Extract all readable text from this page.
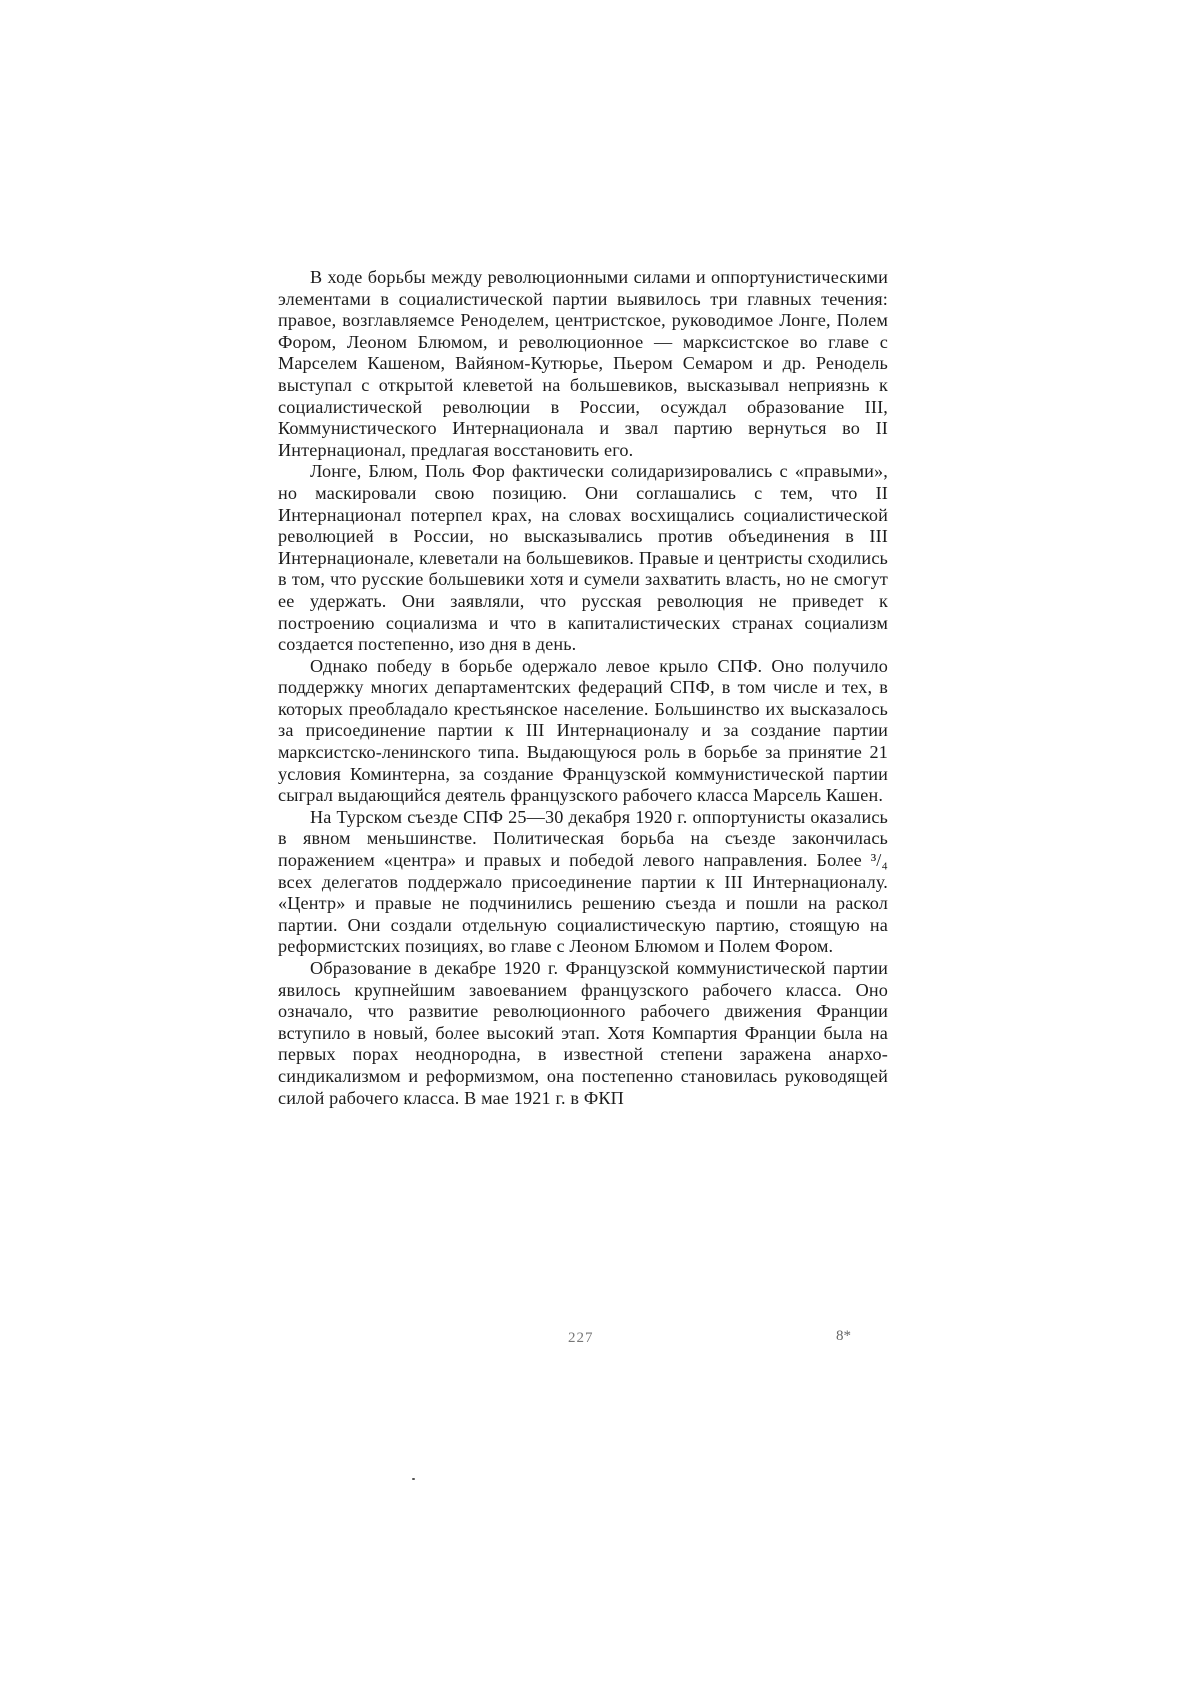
В ходе борьбы между революционными силами и оппортунистическими элементами в социалистической партии выявилось три главных течения: правое, возглавляемсе Ренoделем, центристское, руководимое Лонге, Полем Фором, Леоном Блюмом, и революционное — марксистское во главе с Марселем Кашеном, Вайяном-Кутюрье, Пьером Семаром и др. Ренодель выступал с открытой клеветой на большевиков, высказывал неприязнь к социалистической революции в России, осуждал образование III, Коммунистического Интернационала и звал партию вернуться во II Интернационал, предлагая восстановить его.

Лонге, Блюм, Поль Фор фактически солидаризировались с «правыми», но маскировали свою позицию. Они соглашались с тем, что II Интернационал потерпел крах, на словах восхищались социалистической революцией в России, но высказывались против объединения в III Интернационале, клеветали на большевиков. Правые и центристы сходились в том, что русские большевики хотя и сумели захватить власть, но не смогут ее удержать. Они заявляли, что русская революция не приведет к построению социализма и что в капиталистических странах социализм создается постепенно, изо дня в день.

Однако победу в борьбе одержало левое крыло СПФ. Оно получило поддержку многих департаментских федераций СПФ, в том числе и тех, в которых преобладало крестьянское население. Большинство их высказалось за присоединение партии к III Интернационалу и за создание партии марксистско-ленинского типа. Выдающуюся роль в борьбе за принятие 21 условия Коминтерна, за создание Французской коммунистической партии сыграл выдающийся деятель французского рабочего класса Марсель Кашен.

На Турском съезде СПФ 25—30 декабря 1920 г. оппортунисты оказались в явном меньшинстве. Политическая борьба на съезде закончилась поражением «центра» и правых и победой левого направления. Более ³/₄ всех делегатов поддержало присоединение партии к III Интернационалу. «Центр» и правые не подчинились решению съезда и пошли на раскол партии. Они создали отдельную социалистическую партию, стоящую на реформистских позициях, во главе с Леоном Блюмом и Полем Фором.

Образование в декабре 1920 г. Французской коммунистической партии явилось крупнейшим завоеванием французского рабочего класса. Оно означало, что развитие революционного рабочего движения Франции вступило в новый, более высокий этап. Хотя Компартия Франции была на первых порах неоднородна, в известной степени заражена анархо-синдикализмом и реформизмом, она постепенно становилась руководящей силой рабочего класса. В мае 1921 г. в ФКП

227	8*
